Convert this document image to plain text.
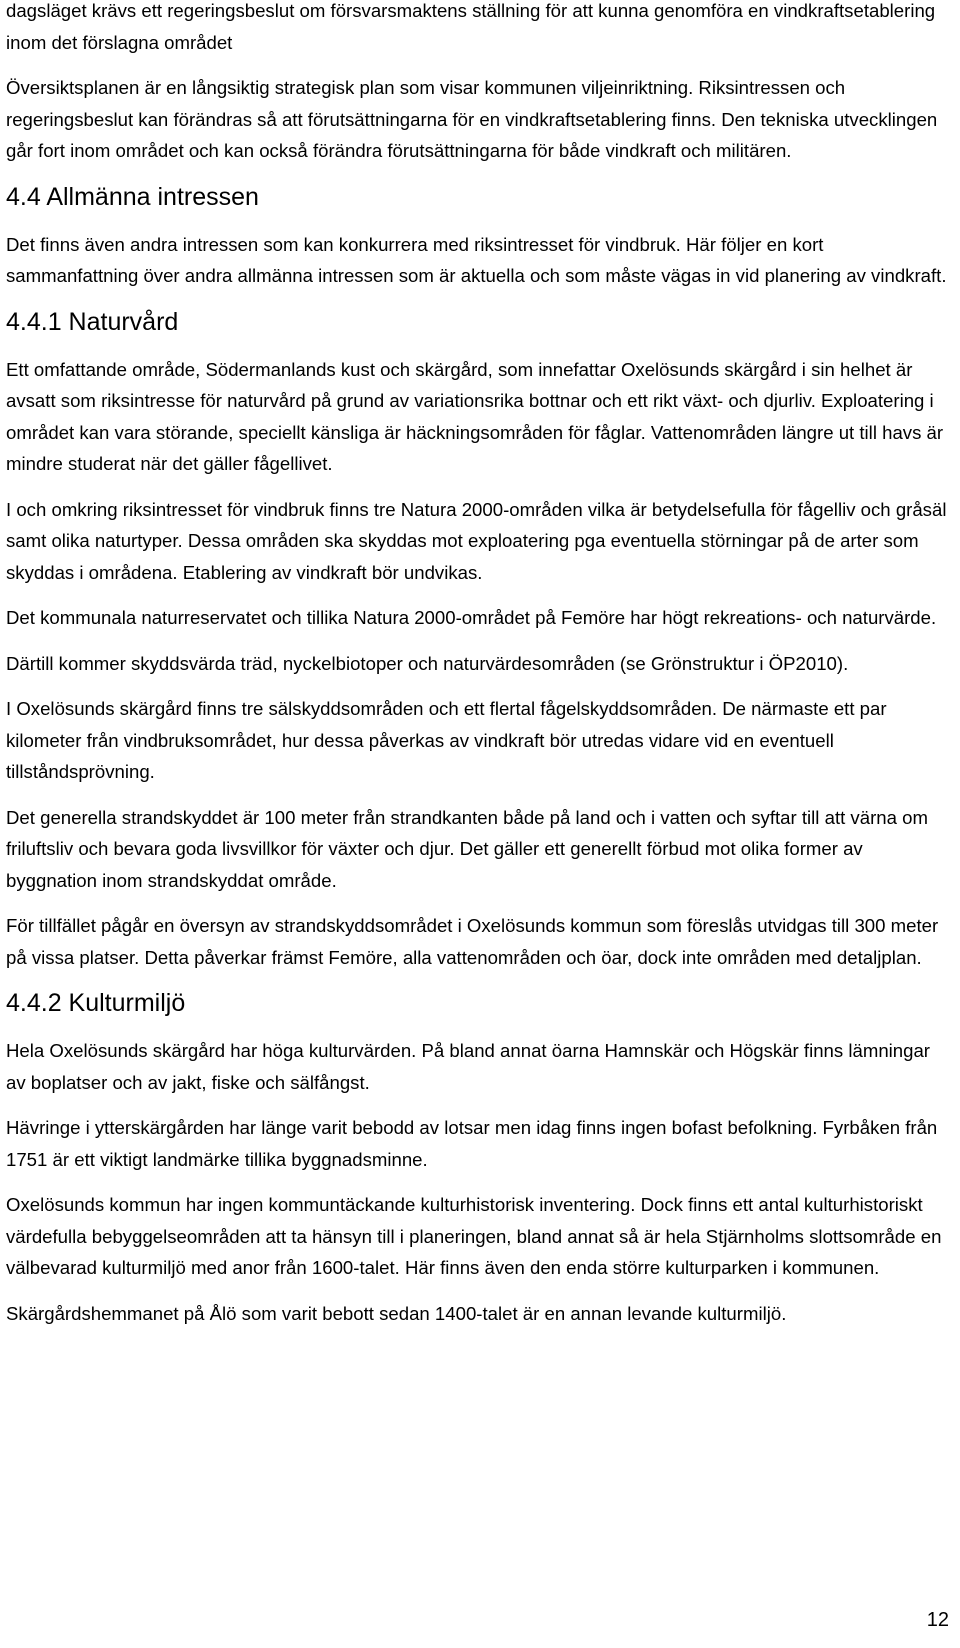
dagsläget krävs ett regeringsbeslut om försvarsmaktens ställning för att kunna genomföra en vindkraftsetablering inom det förslagna området

Översiktsplanen är en långsiktig strategisk plan som visar kommunen viljeinriktning. Riksintressen och regeringsbeslut kan förändras så att förutsättningarna för en vindkraftsetablering finns. Den tekniska utvecklingen går fort inom området och kan också förändra förutsättningarna för både vindkraft och militären.

4.4 Allmänna intressen

Det finns även andra intressen som kan konkurrera med riksintresset för vindbruk. Här följer en kort sammanfattning över andra allmänna intressen som är aktuella och som måste vägas in vid planering av vindkraft.

4.4.1 Naturvård

Ett omfattande område, Södermanlands kust och skärgård, som innefattar Oxelösunds skärgård i sin helhet är avsatt som riksintresse för naturvård på grund av variationsrika bottnar och ett rikt växt- och djurliv. Exploatering i området kan vara störande, speciellt känsliga är häckningsområden för fåglar. Vattenområden längre ut till havs är mindre studerat när det gäller fågellivet.

I och omkring riksintresset för vindbruk finns tre Natura 2000-områden vilka är betydelsefulla för fågelliv och gråsäl samt olika naturtyper. Dessa områden ska skyddas mot exploatering pga eventuella störningar på de arter som skyddas i områdena. Etablering av vindkraft bör undvikas.

Det kommunala naturreservatet och tillika Natura 2000-området på Femöre har högt rekreations- och naturvärde.

Därtill kommer skyddsvärda träd, nyckelbiotoper och naturvärdesområden (se Grönstruktur i ÖP2010).

I Oxelösunds skärgård finns tre sälskyddsområden och ett flertal fågelskyddsområden. De närmaste ett par kilometer från vindbruksområdet, hur dessa påverkas av vindkraft bör utredas vidare vid en eventuell tillståndsprövning.

Det generella strandskyddet är 100 meter från strandkanten både på land och i vatten och syftar till att värna om friluftsliv och bevara goda livsvillkor för växter och djur. Det gäller ett generellt förbud mot olika former av byggnation inom strandskyddat område.

För tillfället pågår en översyn av strandskyddsområdet i Oxelösunds kommun som föreslås utvidgas till 300 meter på vissa platser. Detta påverkar främst Femöre, alla vattenområden och öar, dock inte områden med detaljplan.

4.4.2 Kulturmiljö

Hela Oxelösunds skärgård har höga kulturvärden. På bland annat öarna Hamnskär och Högskär finns lämningar av boplatser och av jakt, fiske och sälfångst.

Hävringe i ytterskärgården har länge varit bebodd av lotsar men idag finns ingen bofast befolkning. Fyrbåken från 1751 är ett viktigt landmärke tillika byggnadsminne.

Oxelösunds kommun har ingen kommuntäckande kulturhistorisk inventering. Dock finns ett antal kulturhistoriskt värdefulla bebyggelseområden att ta hänsyn till i planeringen, bland annat så är hela Stjärnholms slottsområde en välbevarad kulturmiljö med anor från 1600-talet. Här finns även den enda större kulturparken i kommunen.

Skärgårdshemmanet på Ålö som varit bebott sedan 1400-talet är en annan levande kulturmiljö.

12
